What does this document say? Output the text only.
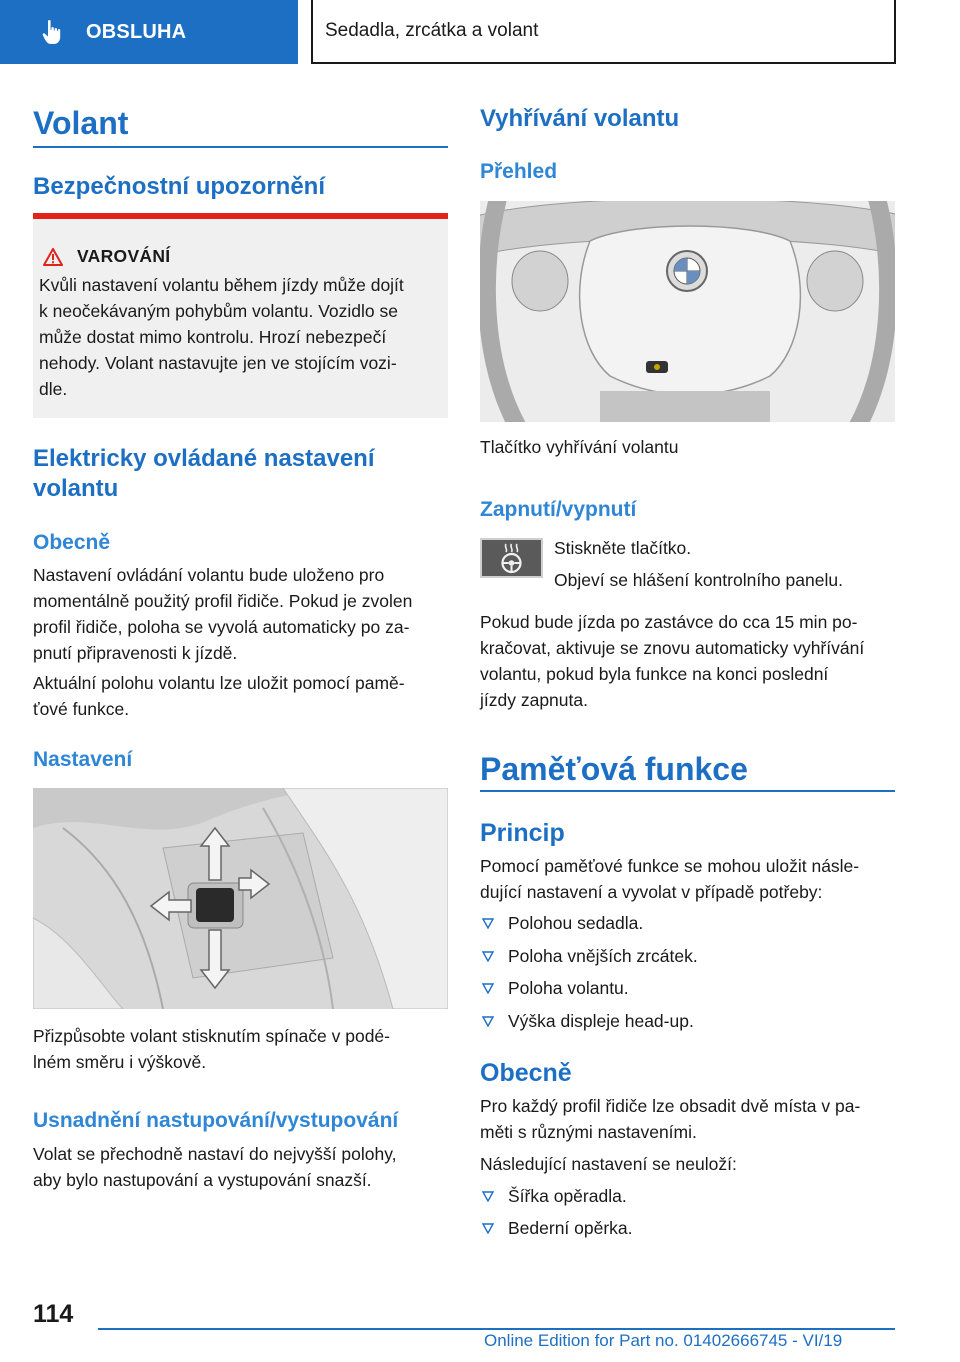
OBSLUHA	Sedadla, zrcátka a volant
Volant
Bezpečnostní upozornění
VAROVÁNÍ
Kvůli nastavení volantu během jízdy může dojít
k neočekávaným pohybům volantu. Vozidlo se
může dostat mimo kontrolu. Hrozí nebezpečí
nehody. Volant nastavujte jen ve stojícím vozi-
dle.
Elektricky ovládané nastavení
volantu
Obecně
Nastavení ovládání volantu bude uloženo pro
momentálně použitý profil řidiče. Pokud je zvolen
profil řidiče, poloha se vyvolá automaticky po za-
pnutí připravenosti k jízdě.
Aktuální polohu volantu lze uložit pomocí pamě-
ťové funkce.
Nastavení
Přizpůsobte volant stisknutím spínače v podé-
lném směru i výškově.
Usnadnění nastupování/vystupování
Volat se přechodně nastaví do nejvyšší polohy,
aby bylo nastupování a vystupování snazší.
Vyhřívání volantu
Přehled
Tlačítko vyhřívání volantu
Zapnutí/vypnutí
Stiskněte tlačítko.
Objeví se hlášení kontrolního panelu.
Pokud bude jízda po zastávce do cca 15 min po-
kračovat, aktivuje se znovu automaticky vyhřívání
volantu, pokud byla funkce na konci poslední
jízdy zapnuta.
Paměťová funkce
Princip
Pomocí paměťové funkce se mohou uložit násle-
dující nastavení a vyvolat v případě potřeby:
Polohou sedadla.
Poloha vnějších zrcátek.
Poloha volantu.
Výška displeje head-up.
Obecně
Pro každý profil řidiče lze obsadit dvě místa v pa-
měti s různými nastaveními.
Následující nastavení se neuloží:
Šířka opěradla.
Bederní opěrka.
114
Online Edition for Part no. 01402666745 - VI/19
